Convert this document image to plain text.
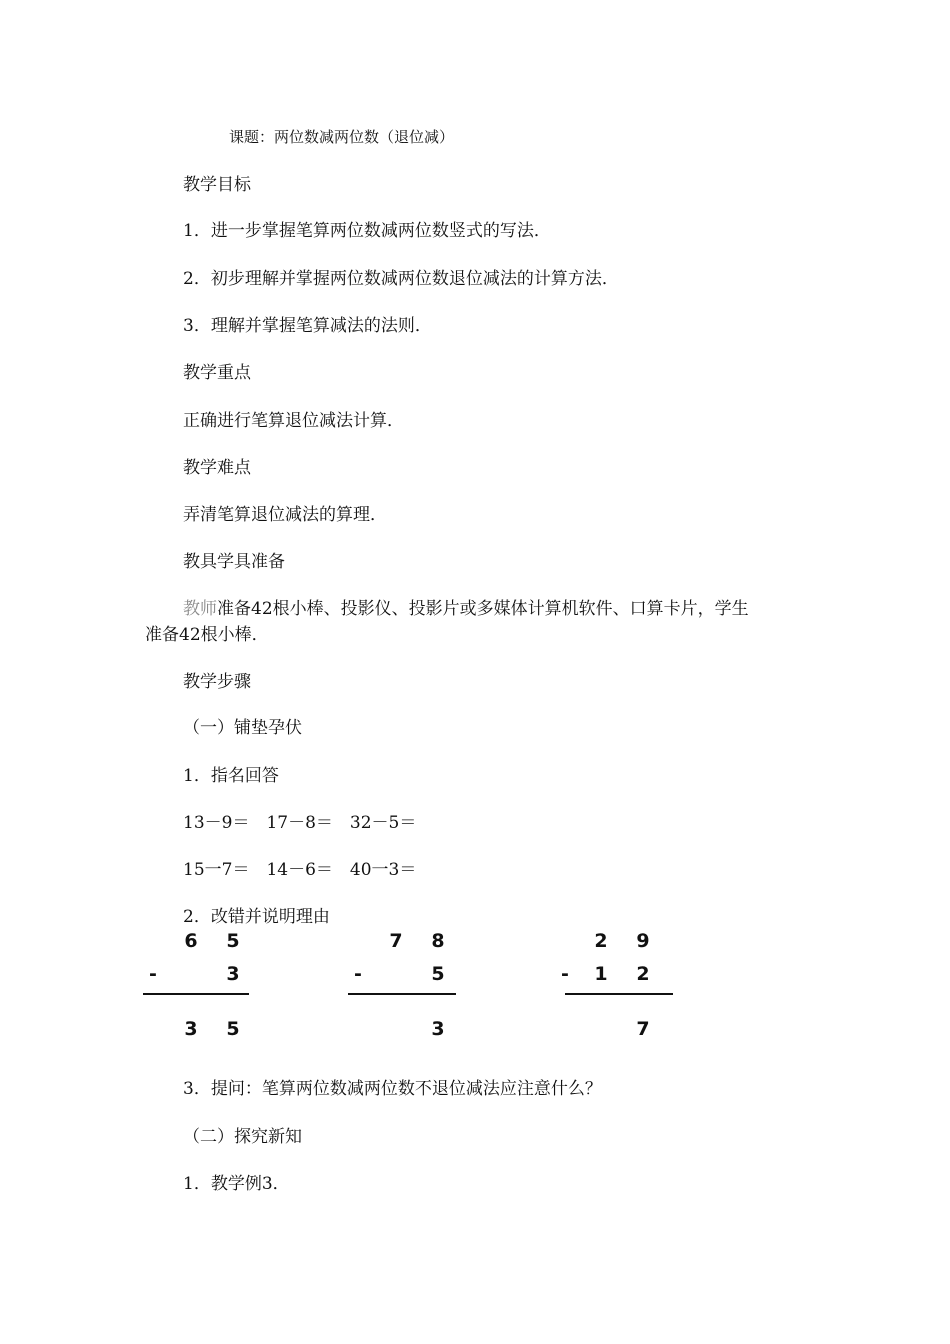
课题：两位数减两位数（退位减）
教学目标
1．进一步掌握笔算两位数减两位数竖式的写法．
2．初步理解并掌握两位数减两位数退位减法的计算方法．
3．理解并掌握笔算减法的法则．
教学重点
正确进行笔算退位减法计算．
教学难点
弄清笔算退位减法的算理．
教具学具准备
教师准备42根小棒、投影仪、投影片或多媒体计算机软件、口算卡片，学生
准备42根小棒．
教学步骤
（一）铺垫孕伏
1．指名回答
13－9＝　17－8＝　32－5＝
15一7＝　14－6＝　40一3＝
2．改错并说明理由
6 5
-	3
3 5
7 8
-	5
3
2 9
- 1 2
7
3．提问：笔算两位数减两位数不退位减法应注意什么？
（二）探究新知
1．教学例3．
